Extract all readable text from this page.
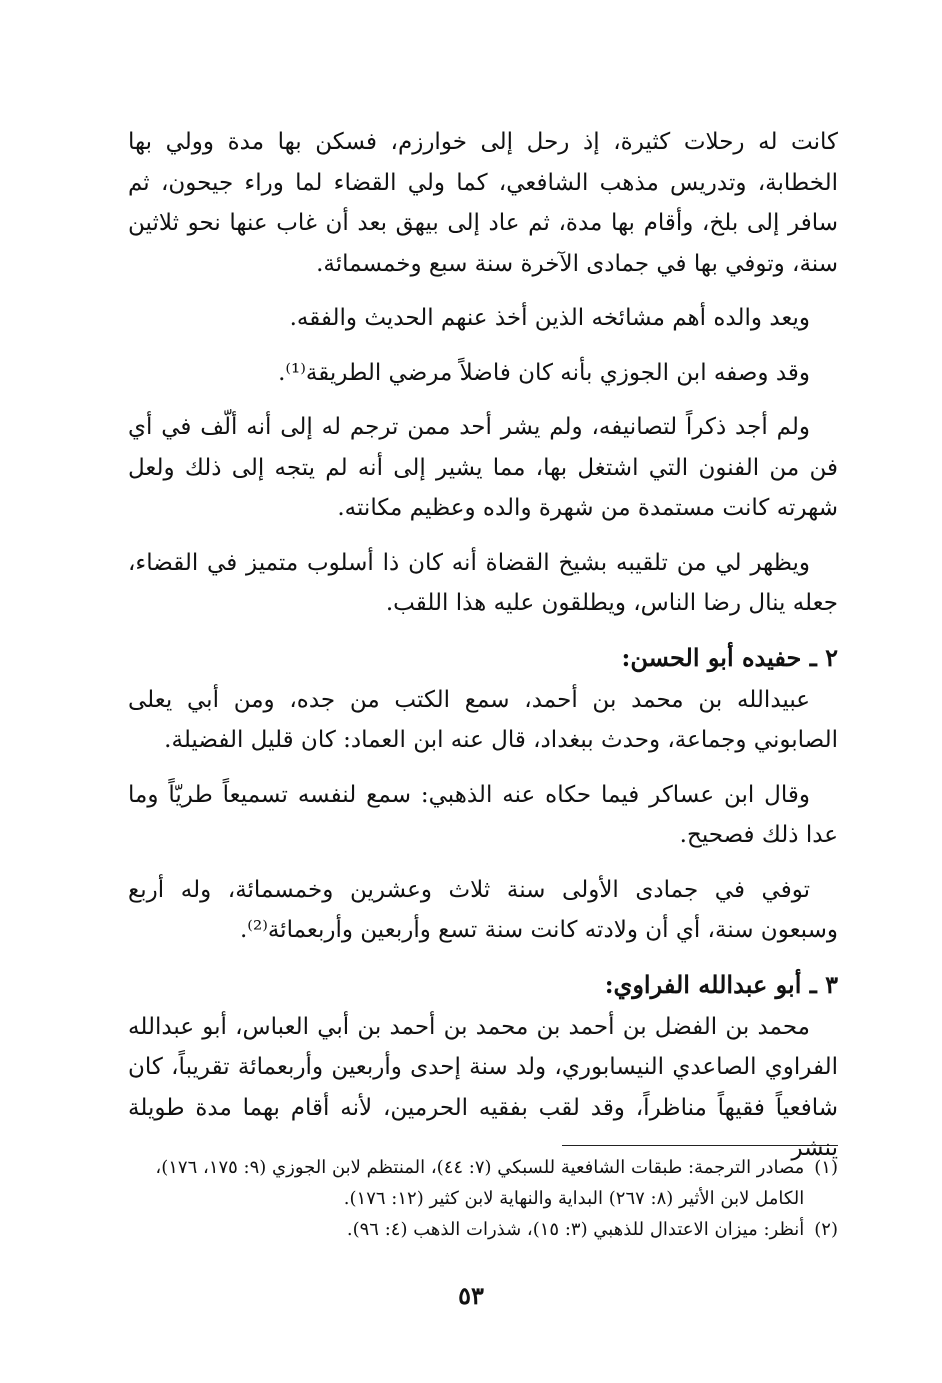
كانت له رحلات كثيرة، إذ رحل إلى خوارزم، فسكن بها مدة وولي بها الخطابة، وتدريس مذهب الشافعي، كما ولي القضاء لما وراء جيحون، ثم سافر إلى بلخ، وأقام بها مدة، ثم عاد إلى بيهق بعد أن غاب عنها نحو ثلاثين سنة، وتوفي بها في جمادى الآخرة سنة سبع وخمسمائة.

ويعد والده أهم مشائخه الذين أخذ عنهم الحديث والفقه.

وقد وصفه ابن الجوزي بأنه كان فاضلاً مرضي الطريقة⁽¹⁾.

ولم أجد ذكراً لتصانيفه، ولم يشر أحد ممن ترجم له إلى أنه ألّف في أي فن من الفنون التي اشتغل بها، مما يشير إلى أنه لم يتجه إلى ذلك ولعل شهرته كانت مستمدة من شهرة والده وعظيم مكانته.

ويظهر لي من تلقيبه بشيخ القضاة أنه كان ذا أسلوب متميز في القضاء، جعله ينال رضا الناس، ويطلقون عليه هذا اللقب.

٢ ـ حفيده أبو الحسن:

عبيدالله بن محمد بن أحمد، سمع الكتب من جده، ومن أبي يعلى الصابوني وجماعة، وحدث ببغداد، قال عنه ابن العماد: كان قليل الفضيلة.

وقال ابن عساكر فيما حكاه عنه الذهبي: سمع لنفسه تسميعاً طريّاً وما عدا ذلك فصحيح.

توفي في جمادى الأولى سنة ثلاث وعشرين وخمسمائة، وله أربع وسبعون سنة، أي أن ولادته كانت سنة تسع وأربعين وأربعمائة⁽²⁾.

٣ ـ أبو عبدالله الفراوي:

محمد بن الفضل بن أحمد بن محمد بن أحمد بن أبي العباس، أبو عبدالله الفراوي الصاعدي النيسابوري، ولد سنة إحدى وأربعين وأربعمائة تقريباً، كان شافعياً فقيهاً مناظراً، وقد لقب بفقيه الحرمين، لأنه أقام بهما مدة طويلة ينشر

(١)
مصادر الترجمة: طبقات الشافعية للسبكي (٧: ٤٤)، المنتظم لابن الجوزي (٩: ١٧٥، ١٧٦)، الكامل لابن الأثير (٨: ٢٦٧) البداية والنهاية لابن كثير (١٢: ١٧٦).

(٢)
أنظر: ميزان الاعتدال للذهبي (٣: ١٥)، شذرات الذهب (٤: ٩٦).

٥٣
